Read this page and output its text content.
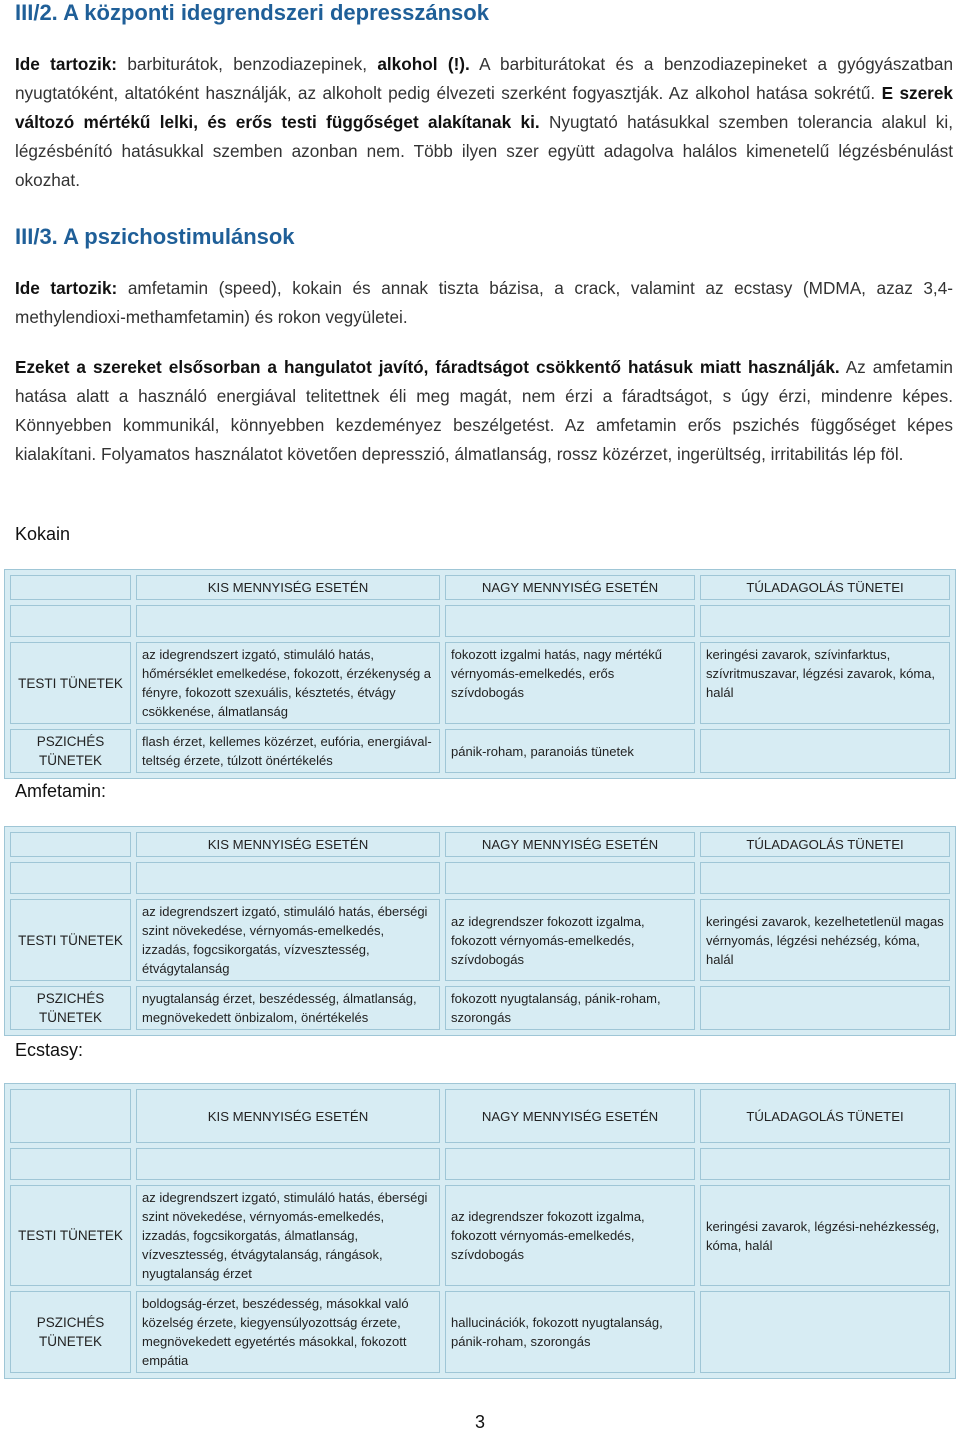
III/2. A központi idegrendszeri depresszánsok

Ide tartozik: barbiturátok, benzodiazepinek, alkohol (!). A barbiturátokat és a benzodiazepineket a gyógyászatban nyugtatóként, altatóként használják, az alkoholt pedig élvezeti szerként fogyasztják. Az alkohol hatása sokrétű. E szerek változó mértékű lelki, és erős testi függőséget alakítanak ki. Nyugtató hatásukkal szemben tolerancia alakul ki, légzésbénító hatásukkal szemben azonban nem. Több ilyen szer együtt adagolva halálos kimenetelű légzésbénulást okozhat.

III/3. A pszichostimulánsok

Ide tartozik: amfetamin (speed), kokain és annak tiszta bázisa, a crack, valamint az ecstasy (MDMA, azaz 3,4-methylendioxi-methamfetamin) és rokon vegyületei.

Ezeket a szereket elsősorban a hangulatot javító, fáradtságot csökkentő hatásuk miatt használják. Az amfetamin hatása alatt a használó energiával telitettnek éli meg magát, nem érzi a fáradtságot, s úgy érzi, mindenre képes. Könnyebben kommunikál, könnyebben kezdeményez beszélgetést. Az amfetamin erős pszichés függőséget képes kialakítani. Folyamatos használatot követően depresszió, álmatlanság, rossz közérzet, ingerültség, irritabilitás lép föl.

Kokain
	KIS MENNYISÉG ESETÉN	NAGY MENNYISÉG ESETÉN	TÚLADAGOLÁS TÜNETEI

TESTI TÜNETEK	az idegrendszert izgató, stimuláló hatás, hőmérséklet emelkedése, fokozott, érzékenység a fényre, fokozott szexuális, késztetés, étvágy csökkenése, álmatlanság	fokozott izgalmi hatás, nagy mértékű vérnyomás-emelkedés, erős szívdobogás	keringési zavarok, szívinfarktus, szívritmuszavar, légzési zavarok, kóma, halál
PSZICHÉS TÜNETEK	flash érzet, kellemes közérzet, eufória, energiával-teltség érzete, túlzott önértékelés	pánik-roham, paranoiás tünetek	
Amfetamin:
	KIS MENNYISÉG ESETÉN	NAGY MENNYISÉG ESETÉN	TÚLADAGOLÁS TÜNETEI

TESTI TÜNETEK	az idegrendszert izgató, stimuláló hatás, éberségi szint növekedése, vérnyomás-emelkedés, izzadás, fogcsikorgatás, vízvesztesség, étvágytalanság	az idegrendszer fokozott izgalma, fokozott vérnyomás-emelkedés, szívdobogás	keringési zavarok, kezelhetetlenül magas vérnyomás, légzési nehézség, kóma, halál
PSZICHÉS TÜNETEK	nyugtalanság érzet, beszédesség, álmatlanság, megnövekedett önbizalom, önértékelés	fokozott nyugtalanság, pánik-roham, szorongás	
Ecstasy:
	KIS MENNYISÉG ESETÉN	NAGY MENNYISÉG ESETÉN	TÚLADAGOLÁS TÜNETEI

TESTI TÜNETEK	az idegrendszert izgató, stimuláló hatás, éberségi szint növekedése, vérnyomás-emelkedés, izzadás, fogcsikorgatás, álmatlanság, vízvesztesség, étvágytalanság, rángások, nyugtalanság érzet	az idegrendszer fokozott izgalma, fokozott vérnyomás-emelkedés, szívdobogás	keringési zavarok, légzési-nehézkesség, kóma, halál
PSZICHÉS TÜNETEK	boldogság-érzet, beszédesség, másokkal való közelség érzete, kiegyensúlyozottság érzete, megnövekedett egyetértés másokkal, fokozott empátia	hallucinációk, fokozott nyugtalanság, pánik-roham, szorongás	
3
